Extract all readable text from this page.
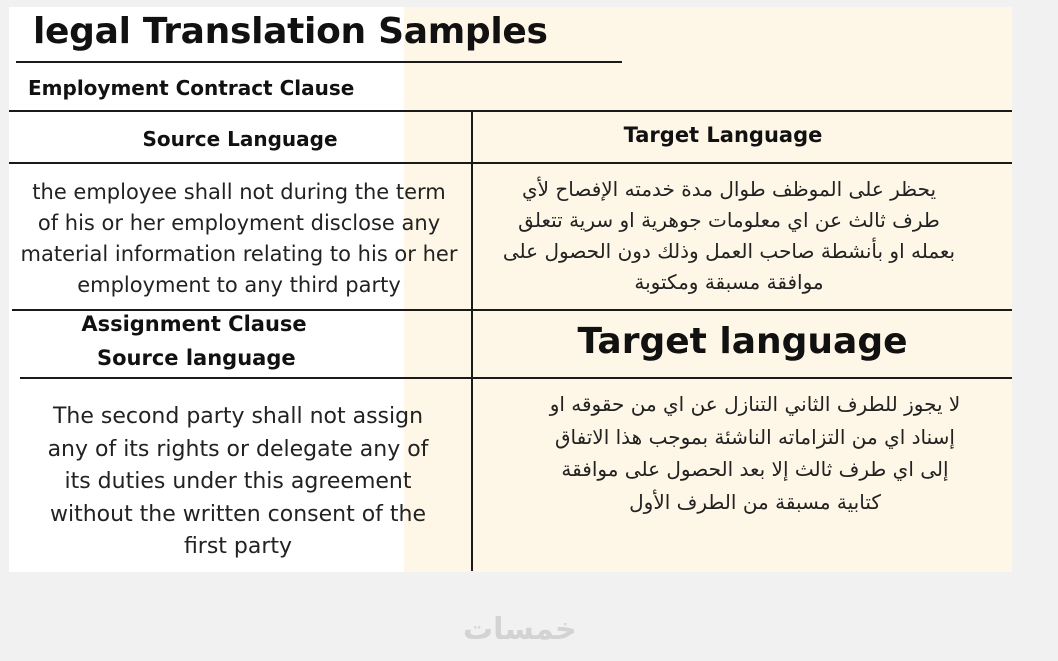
legal Translation Samples
Employment Contract Clause
Source Language	Target Language
the employee shall not during the term of his or her employment disclose any material information relating to his or her employment to any third party
يحظر على الموظف طوال مدة خدمته الإفصاح لأي طرف ثالث عن اي معلومات جوهرية او سرية تتعلق بعمله او بأنشطة صاحب العمل وذلك دون الحصول على موافقة مسبقة ومكتوبة
Assignment Clause
Source language	Target language
The second party shall not assign any of its rights or delegate any of its duties under this agreement without the written consent of the first party
لا يجوز للطرف الثاني التنازل عن اي من حقوقه او إسناد اي من التزاماته الناشئة بموجب هذا الاتفاق إلى اي طرف ثالث إلا بعد الحصول على موافقة كتابية مسبقة من الطرف الأول
خمسات
